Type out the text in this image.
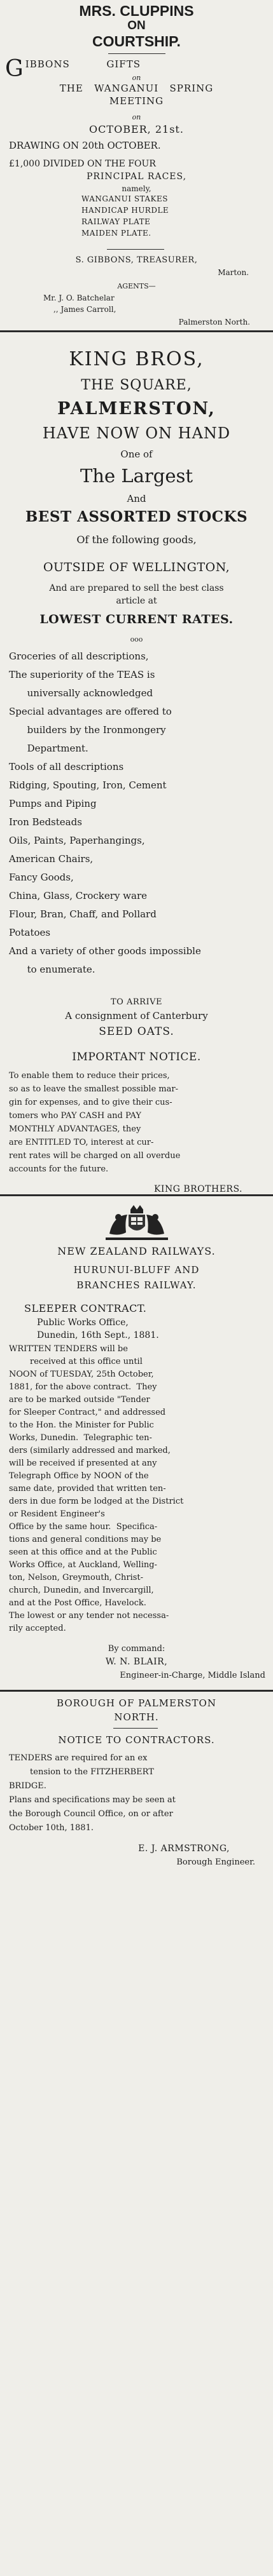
MRS. CLUPPINS
ON
COURTSHIP.
G IBBONS          GIFTS
on
THE   WANGANUI   SPRING
MEETING
on
OCTOBER, 21st.
DRAWING ON 20th OCTOBER.
£1,000 DIVIDED ON THE FOUR
PRINCIPAL RACES,
namely,
WANGANUI STAKES
HANDICAP HURDLE
RAILWAY PLATE
MAIDEN PLATE.
S. GIBBONS, TREASURER,
Marton.
AGENTS—
Mr. J. O. Batchelar
,, James Carroll,
Palmerston North.
KING BROS,
THE SQUARE,
PALMERSTON,
HAVE NOW ON HAND
One of
The Largest
And
BEST ASSORTED STOCKS
Of the following goods,
OUTSIDE OF WELLINGTON,
And are prepared to sell the best class
article at
LOWEST CURRENT RATES.
ooo
Groceries of all descriptions,
The superiority of the TEAS is
universally acknowledged
Special advantages are offered to
builders by the Ironmongery
Department.
Tools of all descriptions
Ridging, Spouting, Iron, Cement
Pumps and Piping
Iron Bedsteads
Oils, Paints, Paperhangings,
American Chairs,
Fancy Goods,
China, Glass, Crockery ware
Flour, Bran, Chaff, and Pollard
Potatoes
And a variety of other goods impossible
to enumerate.
TO ARRIVE
A consignment of Canterbury
SEED OATS.
IMPORTANT NOTICE.
To enable them to reduce their prices,
so as to leave the smallest possible mar-
gin for expenses, and to give their cus-
tomers who PAY CASH and PAY
MONTHLY ADVANTAGES, they
are ENTITLED TO, interest at cur-
rent rates will be charged on all overdue
accounts for the future.
KING BROTHERS.
NEW ZEALAND RAILWAYS.
HURUNUI-BLUFF AND
BRANCHES RAILWAY.
SLEEPER CONTRACT.
Public Works Office,
Dunedin, 16th Sept., 1881.
WRITTEN TENDERS will be
received at this office until
NOON of TUESDAY, 25th October,
1881, for the above contract.  They
are to be marked outside "Tender
for Sleeper Contract," and addressed
to the Hon. the Minister for Public
Works, Dunedin.  Telegraphic ten-
ders (similarly addressed and marked,
will be received if presented at any
Telegraph Office by NOON of the
same date, provided that written ten-
ders in due form be lodged at the District
or Resident Engineer's
Office by the same hour.  Specifica-
tions and general conditions may be
seen at this office and at the Public
Works Office, at Auckland, Welling-
ton, Nelson, Greymouth, Christ-
church, Dunedin, and Invercargill,
and at the Post Office, Havelock.
The lowest or any tender not necessa-
rily accepted.
By command:
W. N. BLAIR,
Engineer-in-Charge, Middle Island
BOROUGH OF PALMERSTON
NORTH.
NOTICE TO CONTRACTORS.
TENDERS are required for an ex
tension to the FITZHERBERT
BRIDGE.
Plans and specifications may be seen at
the Borough Council Office, on or after
October 10th, 1881.
E. J. ARMSTRONG,
Borough Engineer.
